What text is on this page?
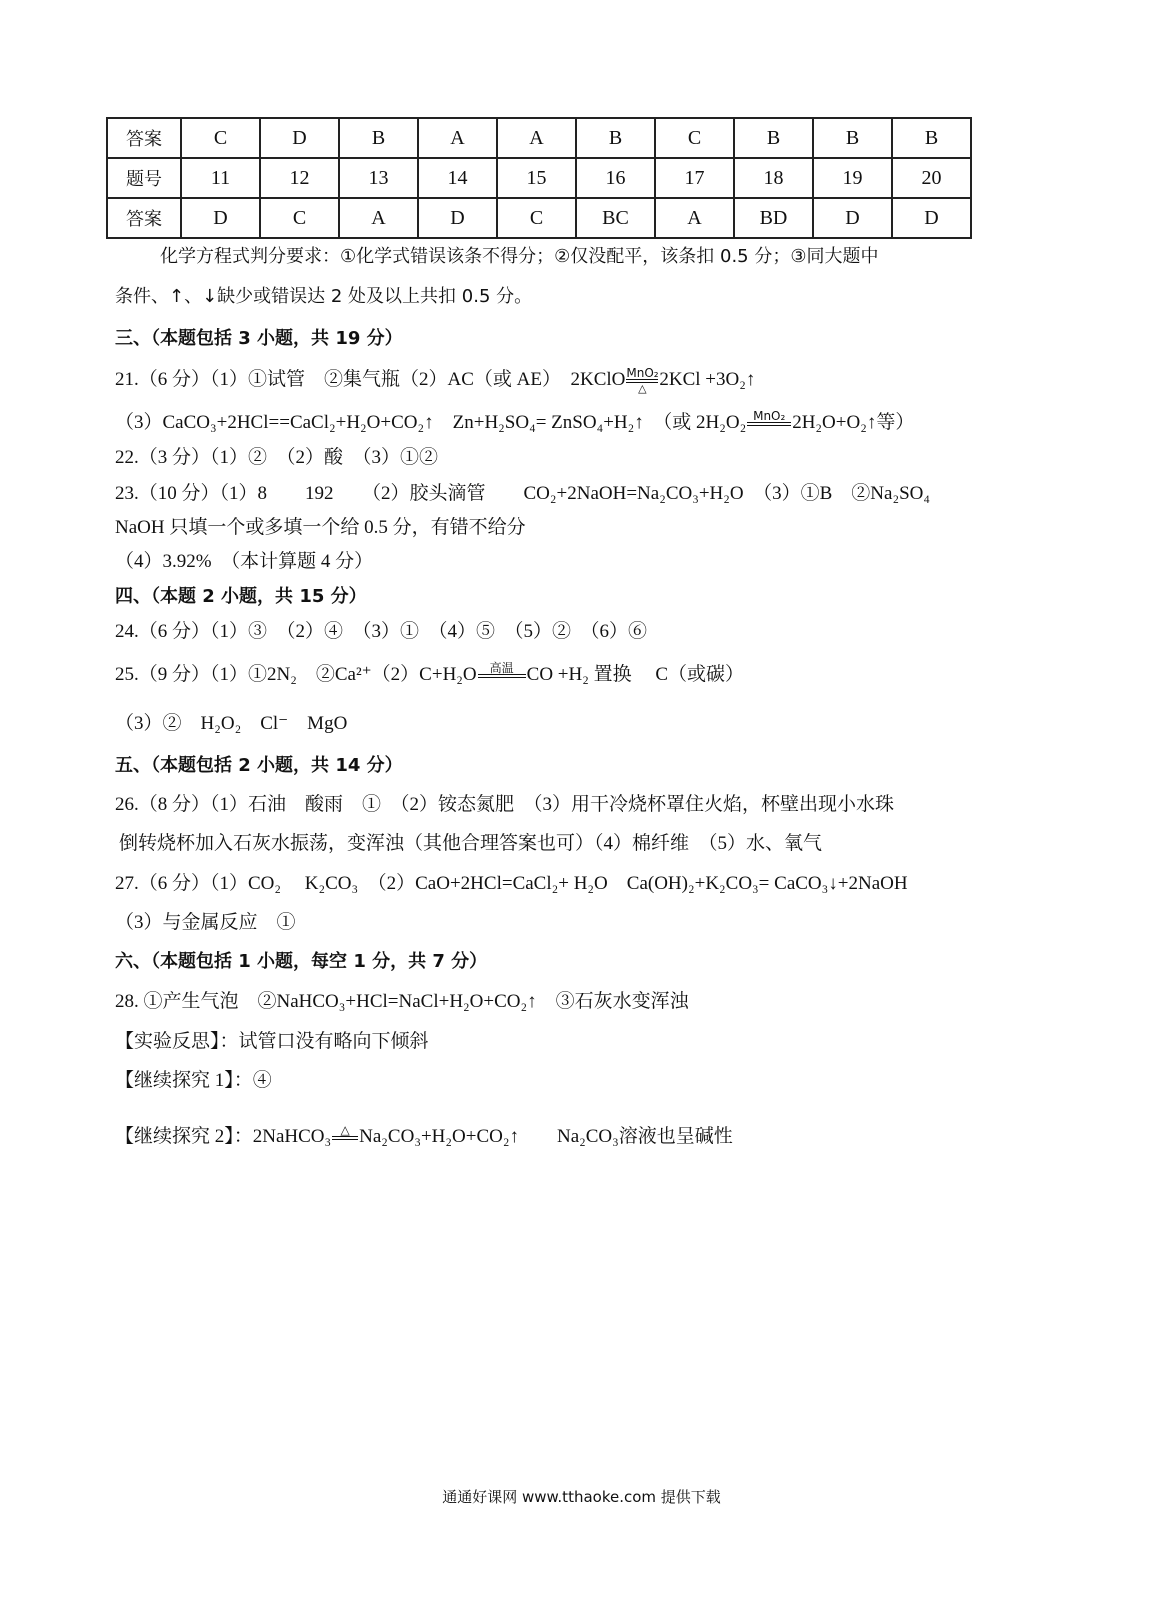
答案	C	D	B	A	A	B	C	B	B	B
题号	11	12	13	14	15	16	17	18	19	20
答案	D	C	A	D	C	BC	A	BD	D	D
化学方程式判分要求：①化学式错误该条不得分；②仅没配平，该条扣 0.5 分；③同大题中
条件、↑、↓缺少或错误达 2 处及以上共扣 0.5 分。
三、（本题包括 3 小题，共 19 分）
21.（6 分）（1）①试管　②集气瓶（2）AC（或 AE）　2KClO MnO₂
△ 2KCl +3O₂↑
（3）CaCO₃+2HCl==CaCl₂+H₂O+CO₂↑　Zn+H₂SO₄= ZnSO₄+H₂↑　（或 2H₂O₂ MnO₂
2H₂O+O₂↑等）
22.（3 分）（1）②　（2）酸　（3）①②
23.（10 分）（1）8　　192　　（2）胶头滴管　　CO₂+2NaOH=Na₂CO₃+H₂O　（3）①B　②Na₂SO₄
NaOH 只填一个或多填一个给 0.5 分，有错不给分
（4）3.92%　（本计算题 4 分）
四、（本题 2 小题，共 15 分）
24.（6 分）（1）③　（2）④　（3）①　（4）⑤　（5）②　（6）⑥
25.（9 分）（1）①2N₂　②Ca²⁺（2）C+H₂O	高温
CO +H₂ 置换　 C（或碳）
（3）②　H₂O₂　Cl⁻　MgO
五、（本题包括 2 小题，共 14 分）
26.（8 分）（1）石油　酸雨　①　（2）铵态氮肥　（3）用干冷烧杯罩住火焰，杯壁出现小水珠
倒转烧杯加入石灰水振荡，变浑浊（其他合理答案也可）（4）棉纤维　（5）水、氧气
27.（6 分）（1）CO₂　 K₂CO₃　（2）CaO+2HCl=CaCl₂+ H₂O　Ca(OH)₂+K₂CO₃= CaCO₃↓+2NaOH
（3）与金属反应　①
六、（本题包括 1 小题，每空 1 分，共 7 分）
28. ①产生气泡　②NaHCO₃+HCl=NaCl+H₂O+CO₂↑　③石灰水变浑浊
【实验反思】：试管口没有略向下倾斜
【继续探究 1】：④
【继续探究 2】：2NaHCO₃ △
Na₂CO₃+H₂O+CO₂↑　　Na₂CO₃溶液也呈碱性
通通好课网 www.tthaoke.com 提供下载
